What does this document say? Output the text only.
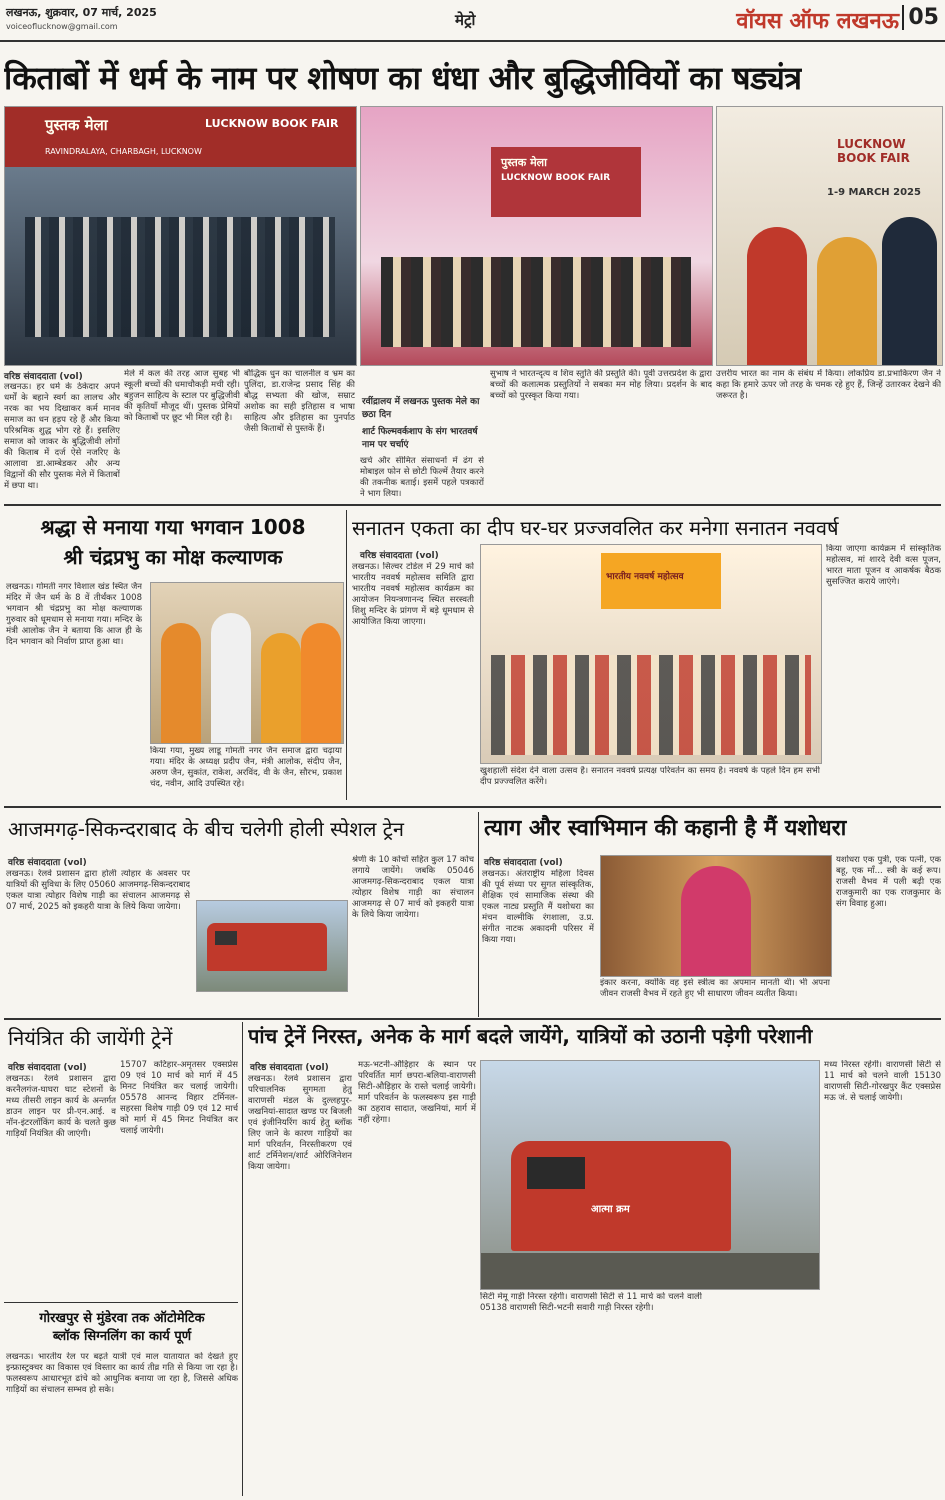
लखनऊ, शुक्रवार, 07 मार्च, 2025
voiceoflucknow@gmail.com	मेट्रो	वॉयस ऑफ लखनऊ 05
किताबों में धर्म के नाम पर शोषण का धंधा और बुद्धिजीवियों का षड्यंत्र
पुस्तक मेला	LUCKNOW BOOK FAIR
RAVINDRALAYA, CHARBAGH, LUCKNOW
पुस्तक मेला
LUCKNOW BOOK FAIR
LUCKNOW BOOK FAIR
1-9 MARCH 2025
वरिष्ठ संवाददाता (vol)
लखनऊ। हर धर्म के ठेकेदार अपने धर्मों के बहाने स्वर्ग का लालच और नरक का भय दिखाकर कर्म मानव समाज का धन हड़प रहे हैं और किया परिश्रमिक शुद्ध भोग रहे हैं। इसलिए समाज को जाकर के बुद्धिजीवी लोगों की किताब में दर्ज ऐसे नजरिए के आलावा डा.आम्बेडकर और अन्य विद्वानों की सौर पुस्तक मेले में किताबों में छपा था।
मेले में कल की तरह आज सुबह भी स्कूली बच्चों की धमाचौकड़ी मची रही। बहुजन साहित्य के स्टाल पर बुद्धिजीवी की कृतियाँ मौजूद थीं। पुस्तक प्रेमियों को किताबों पर छूट भी मिल रही है।
बौद्धिक धुन का चालनील व भ्रम का पुलिंदा, डा.राजेन्द्र प्रसाद सिंह की बौद्ध सभ्यता की खोज, सम्राट अशोक का सही इतिहास व भाषा साहित्य और इतिहास का पुनर्पाठ जैसी किताबों से पुस्तकें हैं।
रवींद्रालय में लखनऊ पुस्तक मेले का छठा दिन
शार्ट फिल्मवर्कशाप के संग भारतवर्ष नाम पर चर्चाएं
खर्च और सीमित संसाधनों में ढंग से मोबाइल फोन से छोटी फिल्में तैयार करने की तकनीक बताई। इसमें पहले पत्रकारों ने भाग लिया।
सुभाष ने भारतन्दृत्य व शिव स्तुति की प्रस्तुति की। पूर्वी उत्तरप्रदेश के द्वारा बच्चों की कलात्मक प्रस्तुतियों ने सबका मन मोह लिया। प्रदर्शन के बाद बच्चों को पुरस्कृत किया गया।
उत्तरीय भारत का नाम के संबंध में किया। लोकप्रिय डा.प्रभाकिरण जैन ने कहा कि हमारे ऊपर जो तरह के चमक रहे हुए हैं, जिन्हें उतारकर देखने की जरूरत है।
श्रद्धा से मनाया गया भगवान 1008
श्री चंद्रप्रभु का मोक्ष कल्याणक
लखनऊ। गोमती नगर विशाल खंड स्थित जैन मंदिर में जैन धर्म के 8 वें तीर्थंकर 1008 भगवान श्री चंद्रप्रभु का मोक्ष कल्याणक गुरुवार को धूमधाम से मनाया गया। मन्दिर के मंत्री आलोक जैन ने बताया कि आज ही के दिन भगवान को निर्वाण प्राप्त हुआ था।
किया गया, मुख्य लाडू गोमती नगर जैन समाज द्वारा चढ़ाया गया। मंदिर के अध्यक्ष प्रदीप जैन, मंत्री आलोक, संदीप जैन, अरुण जैन, सुकांत, राकेश, अरविंद, वी के जैन, सौरभ, प्रकाश चंद, नवीन, आदि उपस्थित रहे।
सनातन एकता का दीप घर-घर प्रज्जवलित कर मनेगा सनातन नववर्ष
वरिष्ठ संवाददाता (vol)
लखनऊ। सिल्वर टोडेल में 29 मार्च को भारतीय नववर्ष महोत्सव समिति द्वारा भारतीय नववर्ष महोत्सव कार्यक्रम का आयोजन नियन्त्रणानन्द स्थित सरस्वती शिशु मन्दिर के प्रांगण में बड़े धूमधाम से आयोजित किया जाएगा।
भारतीय नववर्ष महोत्सव
खुशहाली संदेश देने वाला उत्सव है। सनातन नववर्ष प्रत्यक्ष परिवर्तन का समय है। नववर्ष के पहले दिन हम सभी दीप प्रज्ज्वलित करेंगे।
किया जाएगा कार्यक्रम में सांस्कृतिक महोत्सव, मां शारदे देवी वत्स पूजन, भारत माता पूजन व आकर्षक बैठक सुसज्जित कराये जाएंगे।
आजमगढ़-सिकन्दराबाद के बीच चलेगी होली स्पेशल ट्रेन
वरिष्ठ संवाददाता (vol)
लखनऊ। रेलवे प्रशासन द्वारा होली त्योहार के अवसर पर यात्रियों की सुविधा के लिए 05060 आजमगढ़-सिकन्दराबाद एकल यात्रा त्योहार विशेष गाड़ी का संचालन आजमगढ़ से 07 मार्च, 2025 को इकहरी यात्रा के लिये किया जायेगा।
श्रेणी के 10 कोचों सहित कुल 17 कोच लगाये जायेंगे। जबकि 05046 आजमगढ़-सिकन्दराबाद एकल यात्रा त्योहार विशेष गाड़ी का संचालन आजमगढ़ से 07 मार्च को इकहरी यात्रा के लिये किया जायेगा।
त्याग और स्वाभिमान की कहानी है मैं यशोधरा
वरिष्ठ संवाददाता (vol)
लखनऊ। अंतराष्ट्रीय महिला दिवस की पूर्व संध्या पर सुगत सांस्कृतिक, शैक्षिक एवं सामाजिक संस्था की एकल नाट्य प्रस्तुति मैं यशोधरा का मंचन वाल्मीकि रंगशाला, उ.प्र. संगीत नाटक अकादमी परिसर में किया गया।
इंकार करना, क्योंकि वह इसे स्त्रीत्व का अपमान मानती थी। भी अपना जीवन राजसी वैभव में रहते हुए भी साधारण जीवन व्यतीत किया।
यशोधरा एक पुत्री, एक पत्नी, एक बहू, एक माँ... स्त्री के कई रूप। राजसी वैभव में पली बढ़ी एक राजकुमारी का एक राजकुमार के संग विवाह हुआ।
नियंत्रित की जायेंगी ट्रेनें
वरिष्ठ संवाददाता (vol)
लखनऊ। रेलवे प्रशासन द्वारा करनैलगंज-घाघरा घाट स्टेशनों के मध्य तीसरी लाइन कार्य के अन्तर्गत डाउन लाइन पर प्री-एन.आई. व नॉन-इंटरलॉकिंग कार्य के चलते कुछ गाड़ियाँ नियंत्रित की जाएंगी।
15707 कटिहार-अमृतसर एक्सप्रेस 09 एवं 10 मार्च को मार्ग में 45 मिनट नियंत्रित कर चलाई जायेगी। 05578 आनन्द विहार टर्मिनल-सहरसा विशेष गाड़ी 09 एवं 12 मार्च को मार्ग में 45 मिनट नियंत्रित कर चलाई जायेगी।
गोरखपुर से मुंडेरवा तक ऑटोमेटिक
ब्लॉक सिग्नलिंग का कार्य पूर्ण
लखनऊ। भारतीय रेल पर बढ़ते यात्री एवं माल यातायात को देखते हुए इन्फ्रास्ट्रक्चर का विकास एवं विस्तार का कार्य तीव्र गति से किया जा रहा है। फलस्वरूप आधारभूत ढांचे को आधुनिक बनाया जा रहा है, जिससे अधिक गाड़ियों का संचालन सम्भव हो सके।
पांच ट्रेनें निरस्त, अनेक के मार्ग बदले जायेंगे, यात्रियों को उठानी पड़ेगी परेशानी
वरिष्ठ संवाददाता (vol)
लखनऊ। रेलवे प्रशासन द्वारा परिचालनिक सुगमता हेतु वाराणसी मंडल के दुल्लहपुर-जखनियां-सादात खण्ड पर बिजली एवं इंजीनियरिंग कार्य हेतु ब्लॉक लिए जाने के कारण गाड़ियों का मार्ग परिवर्तन, निरस्तीकरण एवं शार्ट टर्मिनेशन/शार्ट ओरिजिनेशन किया जायेगा।
मऊ-भटनी-औड़िहार के स्थान पर परिवर्तित मार्ग छपरा-बलिया-वाराणसी सिटी-औड़िहार के रास्ते चलाई जायेगी। मार्ग परिवर्तन के फलस्वरूप इस गाड़ी का ठहराव सादात, जखनियां, मार्ग में नहीं रहेगा।
आत्मा क्रम
सिटी मेमू गाड़ी निरस्त रहेगी। वाराणसी सिटी से 11 मार्च को चलने वाली 05138 वाराणसी सिटी-भटनी सवारी गाड़ी निरस्त रहेगी।
मध्य निरस्त रहेगी। वाराणसी सिटी से 11 मार्च को चलने वाली 15130 वाराणसी सिटी-गोरखपुर कैंट एक्सप्रेस मऊ जं. से चलाई जायेगी।
